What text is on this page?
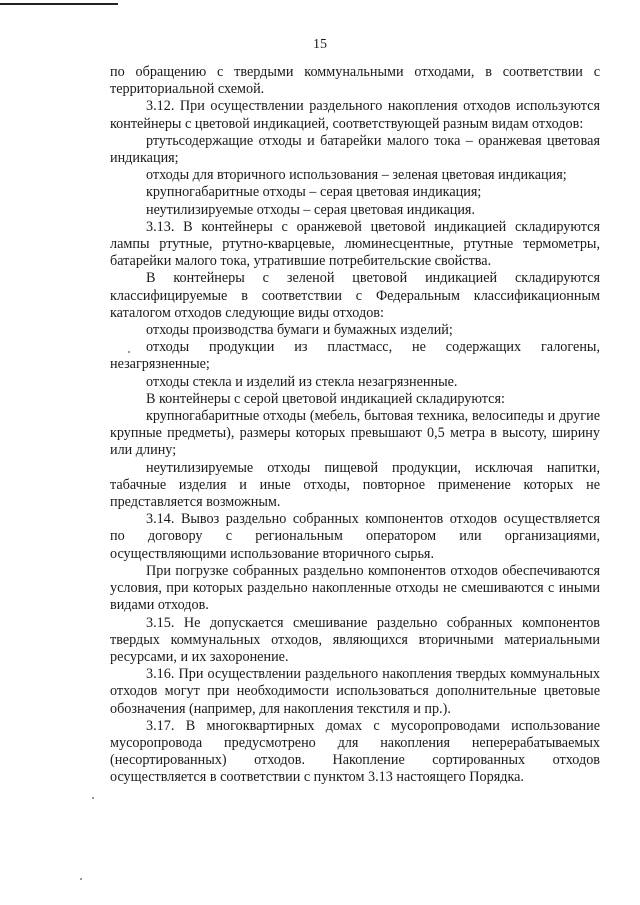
15

по обращению с твердыми коммунальными отходами, в соответствии с территориальной схемой.

3.12. При осуществлении раздельного накопления отходов используются контейнеры с цветовой индикацией, соответствующей разным видам отходов:

ртутьсодержащие отходы и батарейки малого тока – оранжевая цветовая индикация;

отходы для вторичного использования – зеленая цветовая индикация;

крупногабаритные отходы – серая цветовая индикация;

неутилизируемые отходы – серая цветовая индикация.

3.13. В контейнеры с оранжевой цветовой индикацией складируются лампы ртутные, ртутно-кварцевые, люминесцентные, ртутные термометры, батарейки малого тока, утратившие потребительские свойства.

В контейнеры с зеленой цветовой индикацией складируются классифицируемые в соответствии с Федеральным классификационным каталогом отходов следующие виды отходов:

отходы производства бумаги и бумажных изделий;

отходы продукции из пластмасс, не содержащих галогены, незагрязненные;

отходы стекла и изделий из стекла незагрязненные.

В контейнеры с серой цветовой индикацией складируются:

крупногабаритные отходы (мебель, бытовая техника, велосипеды и другие крупные предметы), размеры которых превышают 0,5 метра в высоту, ширину или длину;

неутилизируемые отходы пищевой продукции, исключая напитки, табачные изделия и иные отходы, повторное применение которых не представляется возможным.

3.14. Вывоз раздельно собранных компонентов отходов осуществляется по договору с региональным оператором или организациями, осуществляющими использование вторичного сырья.

При погрузке собранных раздельно компонентов отходов обеспечиваются условия, при которых раздельно накопленные отходы не смешиваются с иными видами отходов.

3.15. Не допускается смешивание раздельно собранных компонентов твердых коммунальных отходов, являющихся вторичными материальными ресурсами, и их захоронение.

3.16. При осуществлении раздельного накопления твердых коммунальных отходов могут при необходимости использоваться дополнительные цветовые обозначения (например, для накопления текстиля и пр.).

3.17. В многоквартирных домах с мусоропроводами использование мусоропровода предусмотрено для накопления неперерабатываемых (несортированных) отходов. Накопление сортированных отходов осуществляется в соответствии с пунктом 3.13 настоящего Порядка.
